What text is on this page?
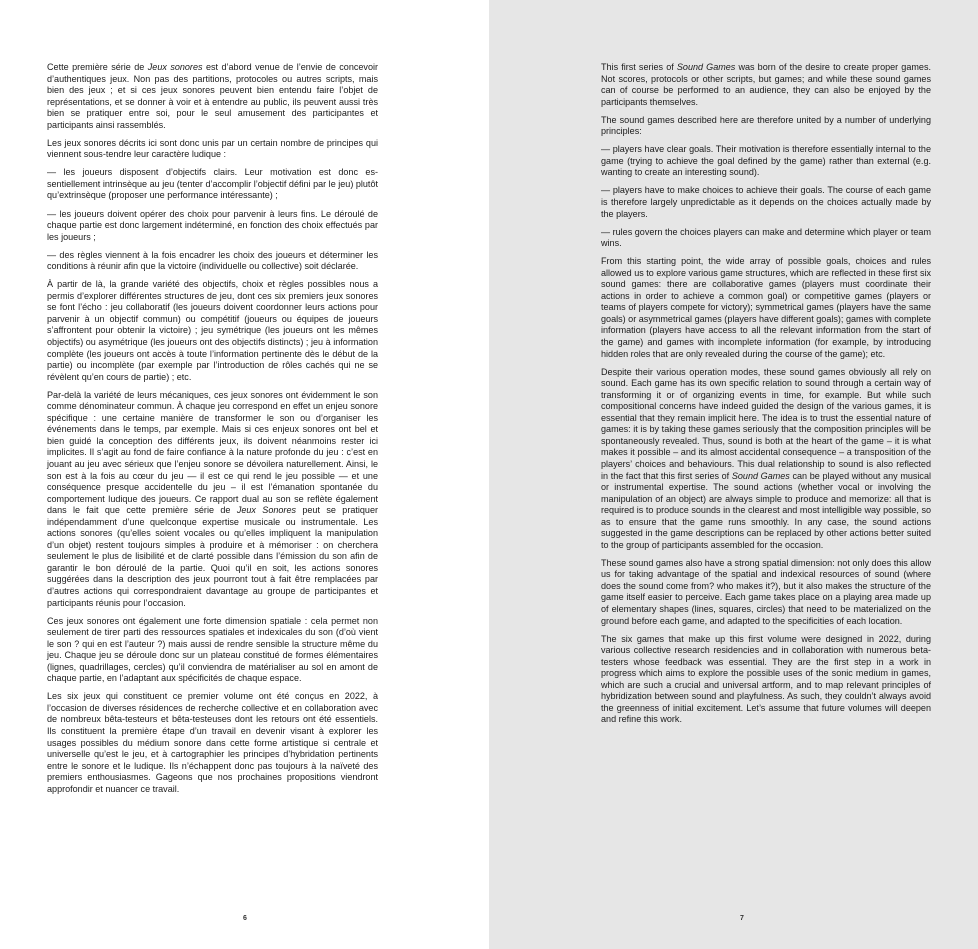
Cette première série de Jeux sonores est d’abord venue de l’envie de concevoir d’authentiques jeux. Non pas des partitions, protocoles ou autres scripts, mais bien des jeux ; et si ces jeux sonores peuvent bien entendu faire l’objet de représentations, et se donner à voir et à entendre au public, ils peuvent aussi très bien se pratiquer entre soi, pour le seul amusement des participantes et participants ainsi rassemblés.

Les jeux sonores décrits ici sont donc unis par un certain nombre de principes qui viennent sous-tendre leur caractère ludique :

— les joueurs disposent d’objectifs clairs. Leur motivation est donc essentiellement intrinsèque au jeu (tenter d’accomplir l’objectif défini par le jeu) plutôt qu’extrinsèque (proposer une performance intéressante) ;

— les joueurs doivent opérer des choix pour parvenir à leurs fins. Le déroulé de chaque partie est donc largement indéterminé, en fonction des choix effectués par les joueurs ;

— des règles viennent à la fois encadrer les choix des joueurs et déterminer les conditions à réunir afin que la victoire (individuelle ou collective) soit déclarée.

À partir de là, la grande variété des objectifs, choix et règles possibles nous a permis d’explorer différentes structures de jeu, dont ces six premiers jeux sonores se font l’écho : jeu collaboratif (les joueurs doivent coordonner leurs actions pour parvenir à un objectif commun) ou compétitif (joueurs ou équipes de joueurs s’affrontent pour obtenir la victoire) ; jeu symétrique (les joueurs ont les mêmes objectifs) ou asymétrique (les joueurs ont des objectifs distincts) ; jeu à information complète (les joueurs ont accès à toute l’information pertinente dès le début de la partie) ou incomplète (par exemple par l’introduction de rôles cachés qui ne se révèlent qu’en cours de partie) ; etc.

Par-delà la variété de leurs mécaniques, ces jeux sonores ont évidemment le son comme dénominateur commun. À chaque jeu correspond en effet un enjeu sonore spécifique : une certaine manière de transformer le son ou d’organiser les événements dans le temps, par exemple. Mais si ces enjeux sonores ont bel et bien guidé la conception des différents jeux, ils doivent néanmoins rester ici implicites. Il s’agit au fond de faire confiance à la nature profonde du jeu : c’est en jouant au jeu avec sérieux que l’enjeu sonore se dévoilera naturellement. Ainsi, le son est à la fois au cœur du jeu — il est ce qui rend le jeu possible — et une conséquence presque accidentelle du jeu – il est l’émanation spontanée du comportement ludique des joueurs. Ce rapport dual au son se reflète également dans le fait que cette première série de Jeux Sonores peut se pratiquer indépendamment d’une quelconque expertise musicale ou instrumentale. Les actions sonores (qu’elles soient vocales ou qu’elles impliquent la manipulation d’un objet) restent toujours simples à produire et à mémoriser : on cherchera seulement le plus de lisibilité et de clarté possible dans l’émission du son afin de garantir le bon déroulé de la partie. Quoi qu’il en soit, les actions sonores suggérées dans la description des jeux pourront tout à fait être remplacées par d’autres actions qui correspondraient davantage au groupe de participantes et participants réunis pour l’occasion.

Ces jeux sonores ont également une forte dimension spatiale : cela permet non seulement de tirer parti des ressources spatiales et indexicales du son (d’où vient le son ? qui en est l’auteur ?) mais aussi de rendre sensible la structure même du jeu. Chaque jeu se déroule donc sur un plateau constitué de formes élémentaires (lignes, quadrillages, cercles) qu’il conviendra de matérialiser au sol en amont de chaque partie, en l’adaptant aux spécificités de chaque espace.

Les six jeux qui constituent ce premier volume ont été conçus en 2022, à l’occasion de diverses résidences de recherche collective et en collaboration avec de nombreux bêta-testeurs et bêta-testeuses dont les retours ont été essentiels. Ils constituent la première étape d’un travail en devenir visant à explorer les usages possibles du médium sonore dans cette forme artistique si centrale et universelle qu’est le jeu, et à cartographier les principes d’hybridation pertinents entre le sonore et le ludique. Ils n’échappent donc pas toujours à la naïveté des premiers enthousiasmes. Gageons que nos prochaines propositions viendront approfondir et nuancer ce travail.

6

This first series of Sound Games was born of the desire to create proper games. Not scores, protocols or other scripts, but games; and while these sound games can of course be performed to an audience, they can also be enjoyed by the participants themselves.

The sound games described here are therefore united by a number of underlying principles:

— players have clear goals. Their motivation is therefore essentially internal to the game (trying to achieve the goal defined by the game) rather than external (e.g. wanting to create an interesting sound).

— players have to make choices to achieve their goals. The course of each game is therefore largely unpredictable as it depends on the choices actually made by the players.

— rules govern the choices players can make and determine which player or team wins.

From this starting point, the wide array of possible goals, choices and rules allowed us to explore various game structures, which are reflected in these first six sound games: there are collaborative games (players must coordinate their actions in order to achieve a common goal) or competitive games (players or teams of players compete for victory); symmetrical games (players have the same goals) or asymmetrical games (players have different goals); games with complete information (players have access to all the relevant information from the start of the game) and games with incomplete information (for example, by introducing hidden roles that are only revealed during the course of the game); etc.

Despite their various operation modes, these sound games obviously all rely on sound. Each game has its own specific relation to sound through a certain way of transforming it or of organizing events in time, for example. But while such compositional concerns have indeed guided the design of the various games, it is essential that they remain implicit here. The idea is to trust the essential nature of games: it is by taking these games seriously that the composition principles will be spontaneously revealed. Thus, sound is both at the heart of the game – it is what makes it possible – and its almost accidental consequence – a transposition of the players’ choices and behaviours. This dual relationship to sound is also reflected in the fact that this first series of Sound Games can be played without any musical or instrumental expertise. The sound actions (whether vocal or involving the manipulation of an object) are always simple to produce and memorize: all that is required is to produce sounds in the clearest and most intelligible way possible, so as to ensure that the game runs smoothly. In any case, the sound actions suggested in the game descriptions can be replaced by other actions better suited to the group of participants assembled for the occasion.

These sound games also have a strong spatial dimension: not only does this allow us for taking advantage of the spatial and indexical resources of sound (where does the sound come from? who makes it?), but it also makes the structure of the game itself easier to perceive. Each game takes place on a playing area made up of elementary shapes (lines, squares, circles) that need to be materialized on the ground before each game, and adapted to the specificities of each location.

The six games that make up this first volume were designed in 2022, during various collective research residencies and in collaboration with numerous beta-testers whose feedback was essential. They are the first step in a work in progress which aims to explore the possible uses of the sonic medium in games, which are such a crucial and universal artform, and to map relevant principles of hybridization between sound and playfulness. As such, they couldn’t always avoid the greenness of initial excitement. Let’s assume that future volumes will deepen and refine this work.

7
